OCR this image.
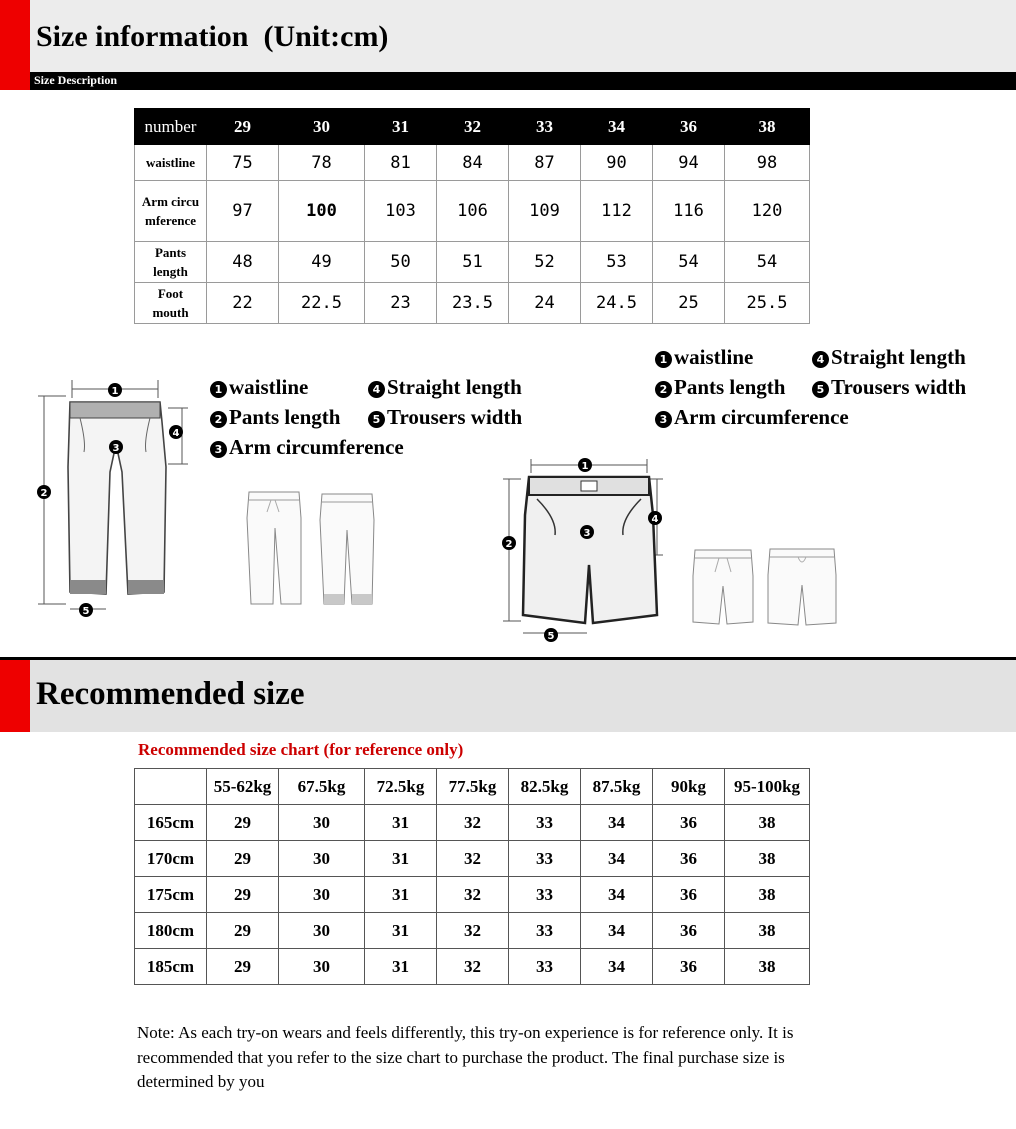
Size information  (Unit:cm)
Size Description
number	29	30	31	32	33	34	36	38
waistline	75	78	81	84	87	90	94	98
Arm circumference	97	100	103	106	109	112	116	120
Pants length	48	49	50	51	52	53	54	54
Foot mouth	22	22.5	23	23.5	24	24.5	25	25.5
1 waistline	4 Straight length
2 Pants length	5 Trousers width
3 Arm circumference
1 waistline	4 Straight length
2 Pants length	5 Trousers width
3 Arm circumference
1
2
3
4
5
1
2
3
4
5
Recommended size
Recommended size chart (for reference only)
	55-62kg	67.5kg	72.5kg	77.5kg	82.5kg	87.5kg	90kg	95-100kg
165cm	29	30	31	32	33	34	36	38
170cm	29	30	31	32	33	34	36	38
175cm	29	30	31	32	33	34	36	38
180cm	29	30	31	32	33	34	36	38
185cm	29	30	31	32	33	34	36	38
Note: As each try-on wears and feels differently, this try-on experience is for reference only. It is recommended that you refer to the size chart to purchase the product. The final purchase size is determined by you
